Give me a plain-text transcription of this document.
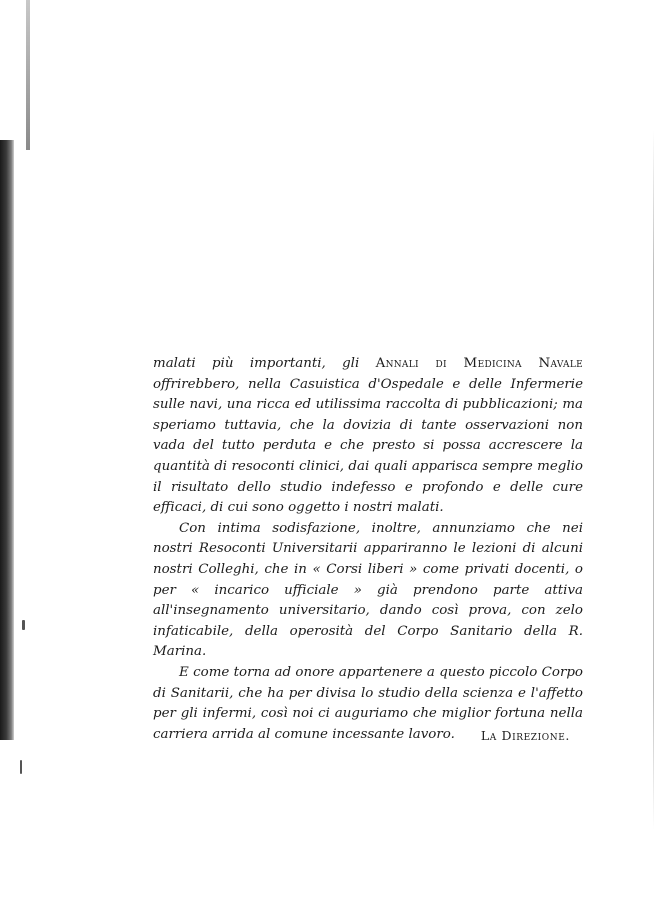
malati più importanti, gli Annali di Medicina Navale offrirebbero, nella Casuistica d'Ospedale e delle Infermerie sulle navi, una ricca ed utilissima raccolta di pubblicazioni; ma speriamo tuttavia, che la dovizia di tante osservazioni non vada del tutto perduta e che presto si possa accrescere la quantità di resoconti clinici, dai quali apparisca sempre meglio il risultato dello studio indefesso e profondo e delle cure efficaci, di cui sono oggetto i nostri malati.

Con intima sodisfazione, inoltre, annunziamo che nei nostri Resoconti Universitarii appariranno le lezioni di alcuni nostri Colleghi, che in « Corsi liberi » come privati docenti, o per « incarico ufficiale » già prendono parte attiva all'insegnamento universitario, dando così prova, con zelo infaticabile, della operosità del Corpo Sanitario della R. Marina.

E come torna ad onore appartenere a questo piccolo Corpo di Sanitarii, che ha per divisa lo studio della scienza e l'affetto per gli infermi, così noi ci auguriamo che miglior fortuna nella carriera arrida al comune incessante lavoro.	La Direzione.
